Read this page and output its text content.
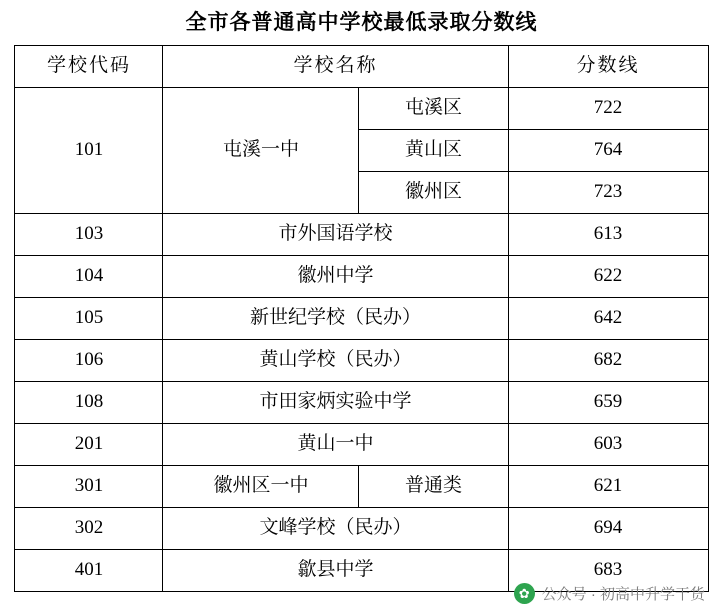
全市各普通高中学校最低录取分数线
学校代码	学校名称		分数线
101	屯溪一中	屯溪区	722
		黄山区	764
		徽州区	723
103	市外国语学校		613
104	徽州中学		622
105	新世纪学校（民办）		642
106	黄山学校（民办）		682
108	市田家炳实验中学		659
201	黄山一中		603
301	徽州区一中	普通类	621
302	文峰学校（民办）		694
401	歙县中学		683
✿ 公众号 · 初高中升学干货
